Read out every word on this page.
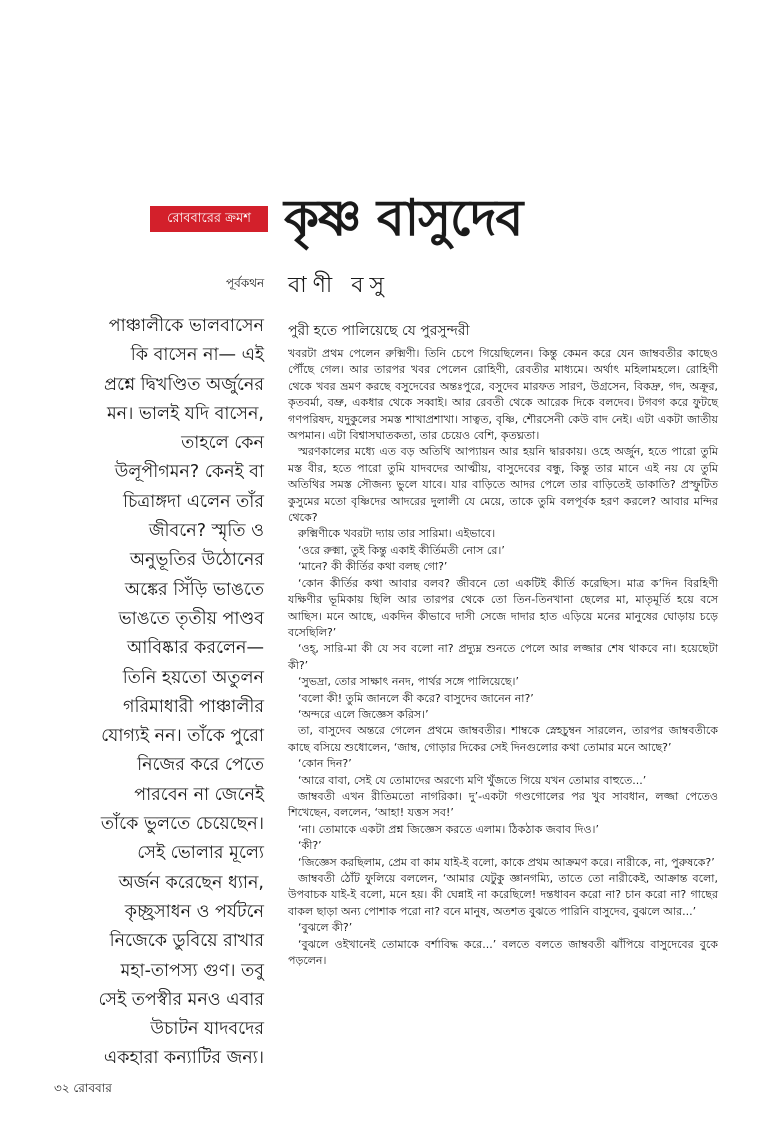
রোববারের ক্রমশ কৃষ্ণ বাসুদেব
পূর্বকথন বাণী বসু

পাঞ্চালীকে ভালবাসেন
কি বাসেন না— এই
প্রশ্নে দ্বিখণ্ডিত অর্জুনের
মন। ভালই যদি বাসেন,
তাহলে কেন
উলূপীগমন? কেনই বা
চিত্রাঙ্গদা এলেন তাঁর
জীবনে? স্মৃতি ও
অনুভূতির উঠোনের
অঙ্কের সিঁড়ি ভাঙতে
ভাঙতে তৃতীয় পাণ্ডব
আবিষ্কার করলেন—
তিনি হয়তো অতুলন
গরিমাধারী পাঞ্চালীর
যোগ্যই নন। তাঁকে পুরো
নিজের করে পেতে
পারবেন না জেনেই
তাঁকে ভুলতে চেয়েছেন।
সেই ভোলার মূল্যে
অর্জন করেছেন ধ্যান,
কৃচ্ছ্রসাধন ও পর্যটনে
নিজেকে ডুবিয়ে রাখার
মহা-তাপস্য গুণ। তবু
সেই তপস্বীর মনও এবার
উচাটন যাদবদের
একহারা কন্যাটির জন্য।

পুরী হতে পালিয়েছে যে পুরসুন্দরী

খবরটা প্রথম পেলেন রুক্মিণী। তিনি চেপে গিয়েছিলেন। কিন্তু কেমন করে যেন জাম্ববতীর কাছেও পৌঁছে গেল। আর তারপর খবর পেলেন রোহিণী, রেবতীর মাধ্যমে। অর্থাৎ মহিলামহলে। রোহিণী থেকে খবর ভ্রমণ করছে বসুদেবের অন্তঃপুরে, বসুদেব মারফত সারণ, উগ্রসেন, বিকদ্রু, গদ, অক্রূর, কৃতবর্মা, বভ্রু, একধার থেকে সব্বাই। আর রেবতী থেকে আরেক দিকে বলদেব। টগবগ করে ফুটছে গণপরিষদ, যদুকুলের সমস্ত শাখাপ্রশাখা। সাত্বত, বৃষ্ণি, শৌরসেনী কেউ বাদ নেই। এটা একটা জাতীয় অপমান। এটা বিশ্বাসঘাতকতা, তার চেয়েও বেশি, কৃতঘ্নতা।

স্মরণকালের মধ্যে এত বড় অতিথি আপ্যায়ন আর হয়নি দ্বারকায়। ওহে অর্জুন, হতে পারো তুমি মস্ত বীর, হতে পারো তুমি যাদবদের আত্মীয়, বাসুদেবের বন্ধু, কিন্তু তার মানে এই নয় যে তুমি অতিথির সমস্ত সৌজন্য ভুলে যাবে। যার বাড়িতে আদর পেলে তার বাড়িতেই ডাকাতি? প্রস্ফুটিত কুসুমের মতো বৃষ্ণিদের আদরের দুলালী যে মেয়ে, তাকে তুমি বলপূর্বক হরণ করলে? আবার মন্দির থেকে?

রুক্মিণীকে খবরটা দ্যায় তার সারিমা। এইভাবে।

‘ওরে রুক্মা, তুই কিন্তু একাই কীর্তিমতী নোস রে।’

‘মানে? কী কীর্তির কথা বলছ গো?’

‘কোন কীর্তির কথা আবার বলব? জীবনে তো একটিই কীর্তি করেছিস। মাত্র ক’দিন বিরহিণী যক্ষিণীর ভূমিকায় ছিলি আর তারপর থেকে তো তিন-তিনখানা ছেলের মা, মাতৃমূর্তি হয়ে বসে আছিস। মনে আছে, একদিন কীভাবে দাসী সেজে দাদার হাত এড়িয়ে মনের মানুষের ঘোড়ায় চড়ে বসেছিলি?’

‘ওহ্, সারি-মা কী যে সব বলো না? প্রদ্যুম্ন শুনতে পেলে আর লজ্জার শেষ থাকবে না। হয়েছেটা কী?’

‘সুভদ্রা, তোর সাক্ষাৎ ননদ, পার্থর সঙ্গে পালিয়েছে।’

‘বলো কী! তুমি জানলে কী করে? বাসুদেব জানেন না?’

‘অন্দরে এলে জিজ্ঞেস করিস।’

তা, বাসুদেব অন্তরে গেলেন প্রথমে জাম্ববতীর। শাম্বকে স্নেহচুম্বন সারলেন, তারপর জাম্ববতীকে কাছে বসিয়ে শুধোলেন, ‘জাম্ব, গোড়ার দিকের সেই দিনগুলোর কথা তোমার মনে আছে?’

‘কোন দিন?’

‘আরে বাবা, সেই যে তোমাদের অরণ্যে মণি খুঁজতে গিয়ে যখন তোমার বাহুতে...’

জাম্ববতী এখন রীতিমতো নাগরিকা। দু’-একটা গণ্ডগোলের পর খুব সাবধান, লজ্জা পেতেও শিখেছেন, বললেন, ‘আহা! যত্তস সব!’

‘না। তোমাকে একটা প্রশ্ন জিজ্ঞেস করতে এলাম। ঠিকঠাক জবাব দিও।’

‘কী?’

‘জিজ্ঞেস করছিলাম, প্রেম বা কাম যাই-ই বলো, কাকে প্রথম আক্রমণ করে। নারীকে, না, পুরুষকে?’

জাম্ববতী ঠোঁট ফুলিয়ে বললেন, ‘আমার যেটুকু জ্ঞানগম্যি, তাতে তো নারীকেই, আক্রান্ত বলো, উপবাচক যাই-ই বলো, মনে হয়। কী ঘেন্নাই না করেছিলে! দন্তধাবন করো না? চান করো না? গাছের বাকল ছাড়া অন্য পোশাক পরো না? বনে মানুষ, অতশত বুঝতে পারিনি বাসুদেব, বুঝলে আর...’

‘বুঝলে কী?’

‘বুঝলে ওইখানেই তোমাকে বর্শাবিদ্ধ করে...’ বলতে বলতে জাম্ববতী ঝাঁপিয়ে বাসুদেবের বুকে পড়লেন।

৩২ রোববার
